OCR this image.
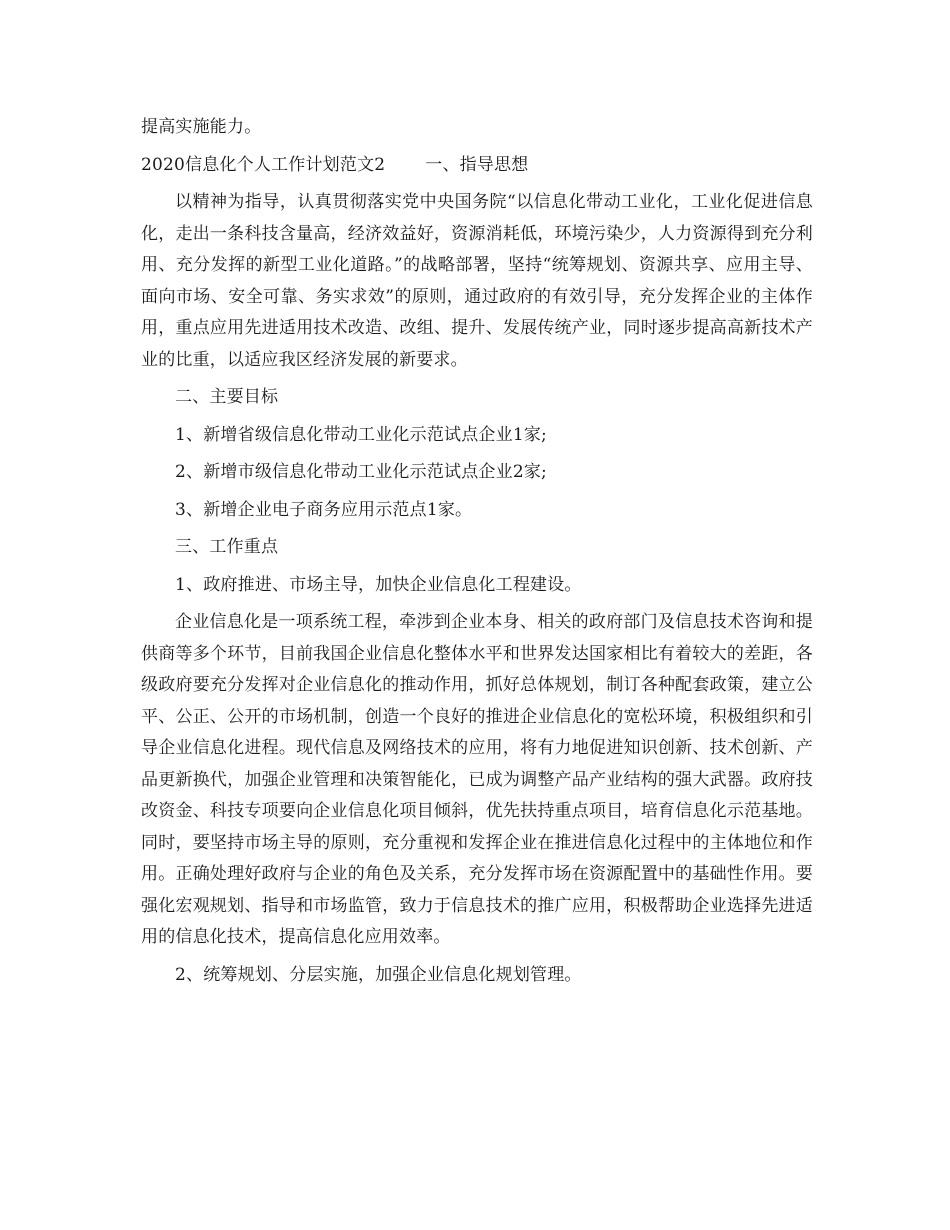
提高实施能力。

2020信息化个人工作计划范文2 一、指导思想

以精神为指导，认真贯彻落实党中央国务院“以信息化带动工业化，工业化促进信息化，走出一条科技含量高，经济效益好，资源消耗低，环境污染少，人力资源得到充分利用、充分发挥的新型工业化道路。”的战略部署，坚持“统筹规划、资源共享、应用主导、面向市场、安全可靠、务实求效”的原则，通过政府的有效引导，充分发挥企业的主体作用，重点应用先进适用技术改造、改组、提升、发展传统产业，同时逐步提高高新技术产业的比重，以适应我区经济发展的新要求。

二、主要目标

1、新增省级信息化带动工业化示范试点企业1家;

2、新增市级信息化带动工业化示范试点企业2家;

3、新增企业电子商务应用示范点1家。

三、工作重点

1、政府推进、市场主导，加快企业信息化工程建设。

企业信息化是一项系统工程，牵涉到企业本身、相关的政府部门及信息技术咨询和提供商等多个环节，目前我国企业信息化整体水平和世界发达国家相比有着较大的差距，各级政府要充分发挥对企业信息化的推动作用，抓好总体规划，制订各种配套政策，建立公平、公正、公开的市场机制，创造一个良好的推进企业信息化的宽松环境，积极组织和引导企业信息化进程。现代信息及网络技术的应用，将有力地促进知识创新、技术创新、产品更新换代，加强企业管理和决策智能化，已成为调整产品产业结构的强大武器。政府技改资金、科技专项要向企业信息化项目倾斜，优先扶持重点项目，培育信息化示范基地。同时，要坚持市场主导的原则，充分重视和发挥企业在推进信息化过程中的主体地位和作用。正确处理好政府与企业的角色及关系，充分发挥市场在资源配置中的基础性作用。要强化宏观规划、指导和市场监管，致力于信息技术的推广应用，积极帮助企业选择先进适用的信息化技术，提高信息化应用效率。

2、统筹规划、分层实施，加强企业信息化规划管理。
